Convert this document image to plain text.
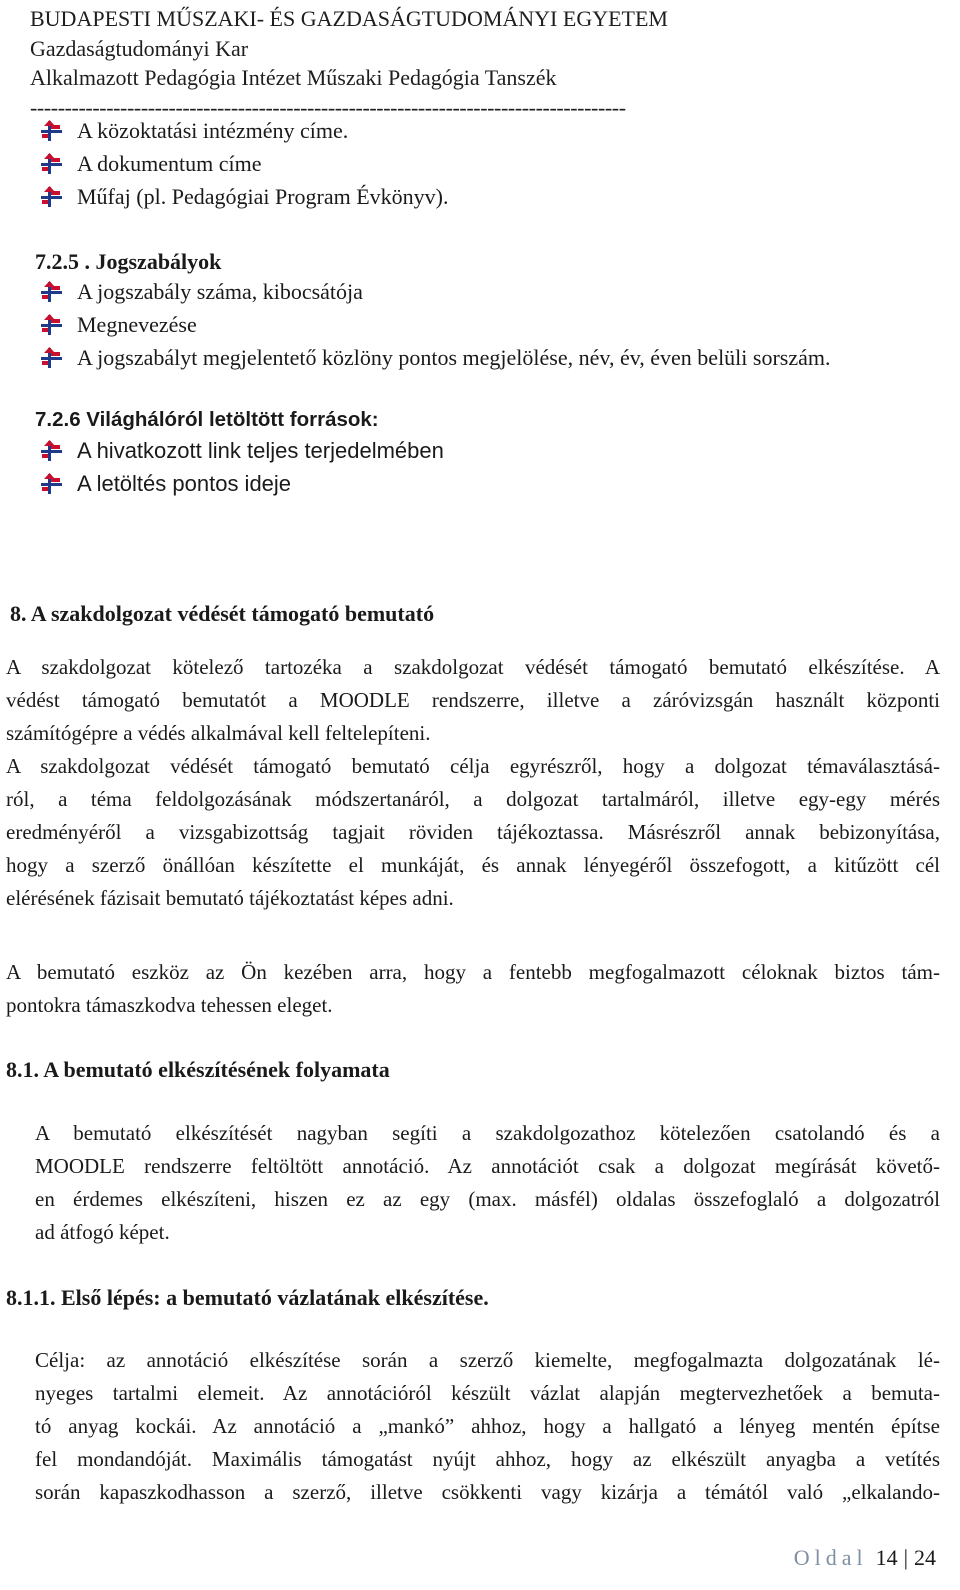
BUDAPESTI MŰSZAKI- ÉS GAZDASÁGTUDOMÁNYI EGYETEM
Gazdaságtudományi Kar
Alkalmazott Pedagógia Intézet Műszaki Pedagógia Tanszék
--------------------------------------------------------------------------------------
A közoktatási intézmény címe.
A dokumentum címe
Műfaj (pl. Pedagógiai Program Évkönyv).
7.2.5 . Jogszabályok
A jogszabály száma, kibocsátója
Megnevezése
A jogszabályt megjelentető közlöny pontos megjelölése, név, év, éven belüli sorszám.
7.2.6 Világhálóról letöltött források:
A hivatkozott link teljes terjedelmében
A letöltés pontos ideje
8. A szakdolgozat védését támogató bemutató
A szakdolgozat kötelező tartozéka a szakdolgozat védését támogató bemutató elkészítése. A
védést támogató bemutatót a MOODLE rendszerre, illetve a záróvizsgán használt központi
számítógépre a védés alkalmával kell feltelepíteni.
A szakdolgozat védését támogató bemutató célja egyrészről, hogy a dolgozat témaválasztásá-
ról, a téma feldolgozásának módszertanáról, a dolgozat tartalmáról, illetve egy-egy mérés
eredményéről a vizsgabizottság tagjait röviden tájékoztassa. Másrészről annak bebizonyítása,
hogy a szerző önállóan készítette el munkáját, és annak lényegéről összefogott, a kitűzött cél
elérésének fázisait bemutató tájékoztatást képes adni.
A bemutató eszköz az Ön kezében arra, hogy a fentebb megfogalmazott céloknak biztos tám-
pontokra támaszkodva tehessen eleget.
8.1. A bemutató elkészítésének folyamata
A bemutató elkészítését nagyban segíti a szakdolgozathoz kötelezően csatolandó és a
MOODLE rendszerre feltöltött annotáció. Az annotációt csak a dolgozat megírását követő-
en érdemes elkészíteni, hiszen ez az egy (max. másfél) oldalas összefoglaló a dolgozatról
ad átfogó képet.
8.1.1. Első lépés: a bemutató vázlatának elkészítése.
Célja: az annotáció elkészítése során a szerző kiemelte, megfogalmazta dolgozatának lé-
nyeges tartalmi elemeit. Az annotációról készült vázlat alapján megtervezhetőek a bemuta-
tó anyag kockái. Az annotáció a „mankó” ahhoz, hogy a hallgató a lényeg mentén építse
fel mondandóját. Maximális támogatást nyújt ahhoz, hogy az elkészült anyagba a vetítés
során kapaszkodhasson a szerző, illetve csökkenti vagy kizárja a témától való „elkalando-
Oldal 14 | 24
